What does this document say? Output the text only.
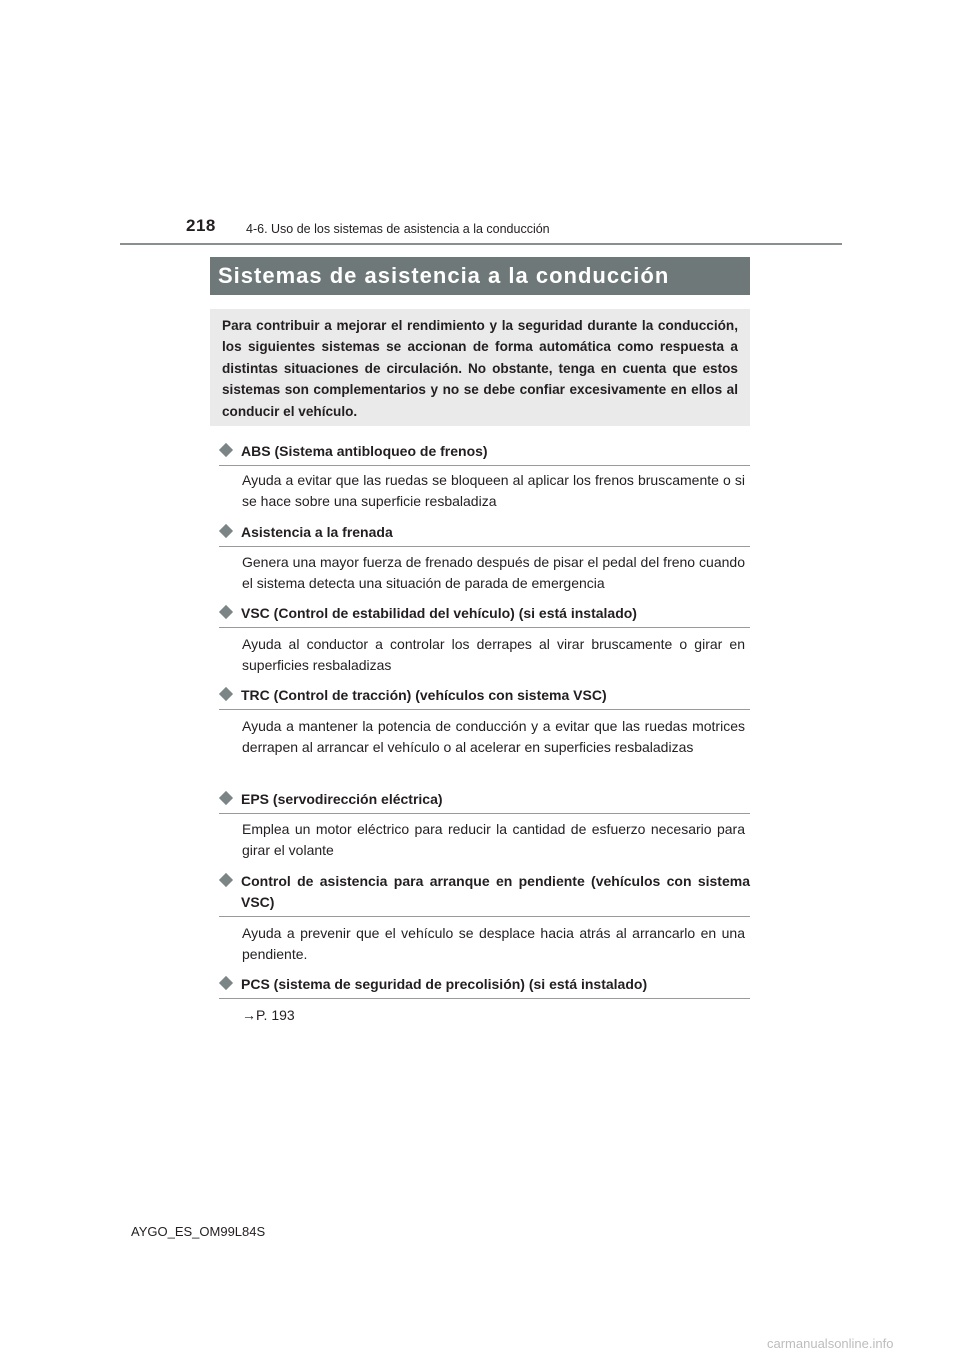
218 4-6. Uso de los sistemas de asistencia a la conducción
Sistemas de asistencia a la conducción

Para contribuir a mejorar el rendimiento y la seguridad durante la conducción, los siguientes sistemas se accionan de forma automática como respuesta a distintas situaciones de circulación. No obstante, tenga en cuenta que estos sistemas son complementarios y no se debe confiar excesivamente en ellos al conducir el vehículo.

ABS (Sistema antibloqueo de frenos)

Ayuda a evitar que las ruedas se bloqueen al aplicar los frenos bruscamente o si se hace sobre una superficie resbaladiza

Asistencia a la frenada

Genera una mayor fuerza de frenado después de pisar el pedal del freno cuando el sistema detecta una situación de parada de emergencia

VSC (Control de estabilidad del vehículo) (si está instalado)

Ayuda al conductor a controlar los derrapes al virar bruscamente o girar en superficies resbaladizas

TRC (Control de tracción) (vehículos con sistema VSC)

Ayuda a mantener la potencia de conducción y a evitar que las ruedas motrices derrapen al arrancar el vehículo o al acelerar en superficies resbaladizas

EPS (servodirección eléctrica)

Emplea un motor eléctrico para reducir la cantidad de esfuerzo necesario para girar el volante

Control de asistencia para arranque en pendiente (vehículos con sistema VSC)

Ayuda a prevenir que el vehículo se desplace hacia atrás al arrancarlo en una pendiente.

PCS (sistema de seguridad de precolisión) (si está instalado)

→P. 193

AYGO_ES_OM99L84S
carmanualsonline.info
